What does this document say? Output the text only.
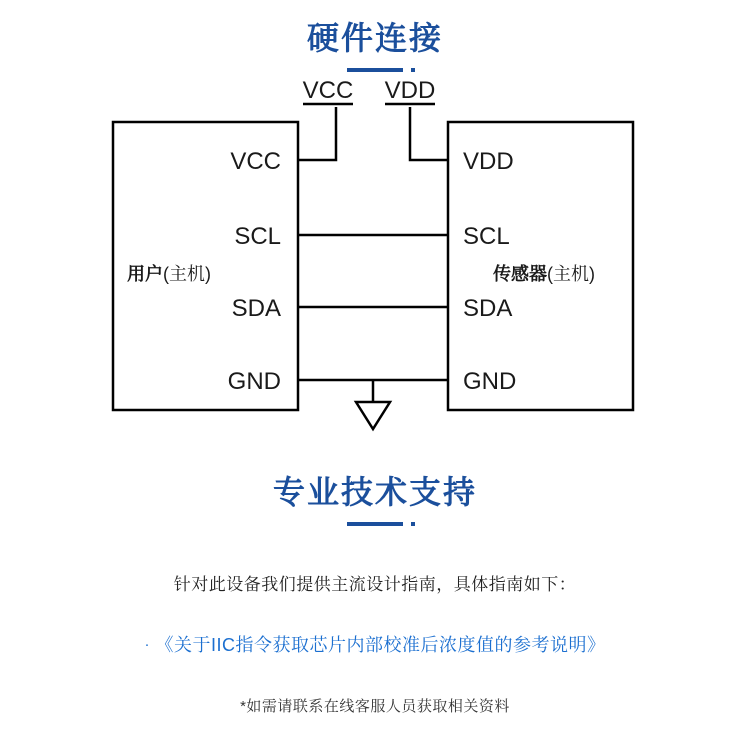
硬件连接
VCC VDD
VCC
SCL
SDA
GND
VDD
SCL
SDA
GND
用户(主机)	传感器(主机)
专业技术支持
针对此设备我们提供主流设计指南，具体指南如下：
· 《关于IIC指令获取芯片内部校准后浓度值的参考说明》
*如需请联系在线客服人员获取相关资料
